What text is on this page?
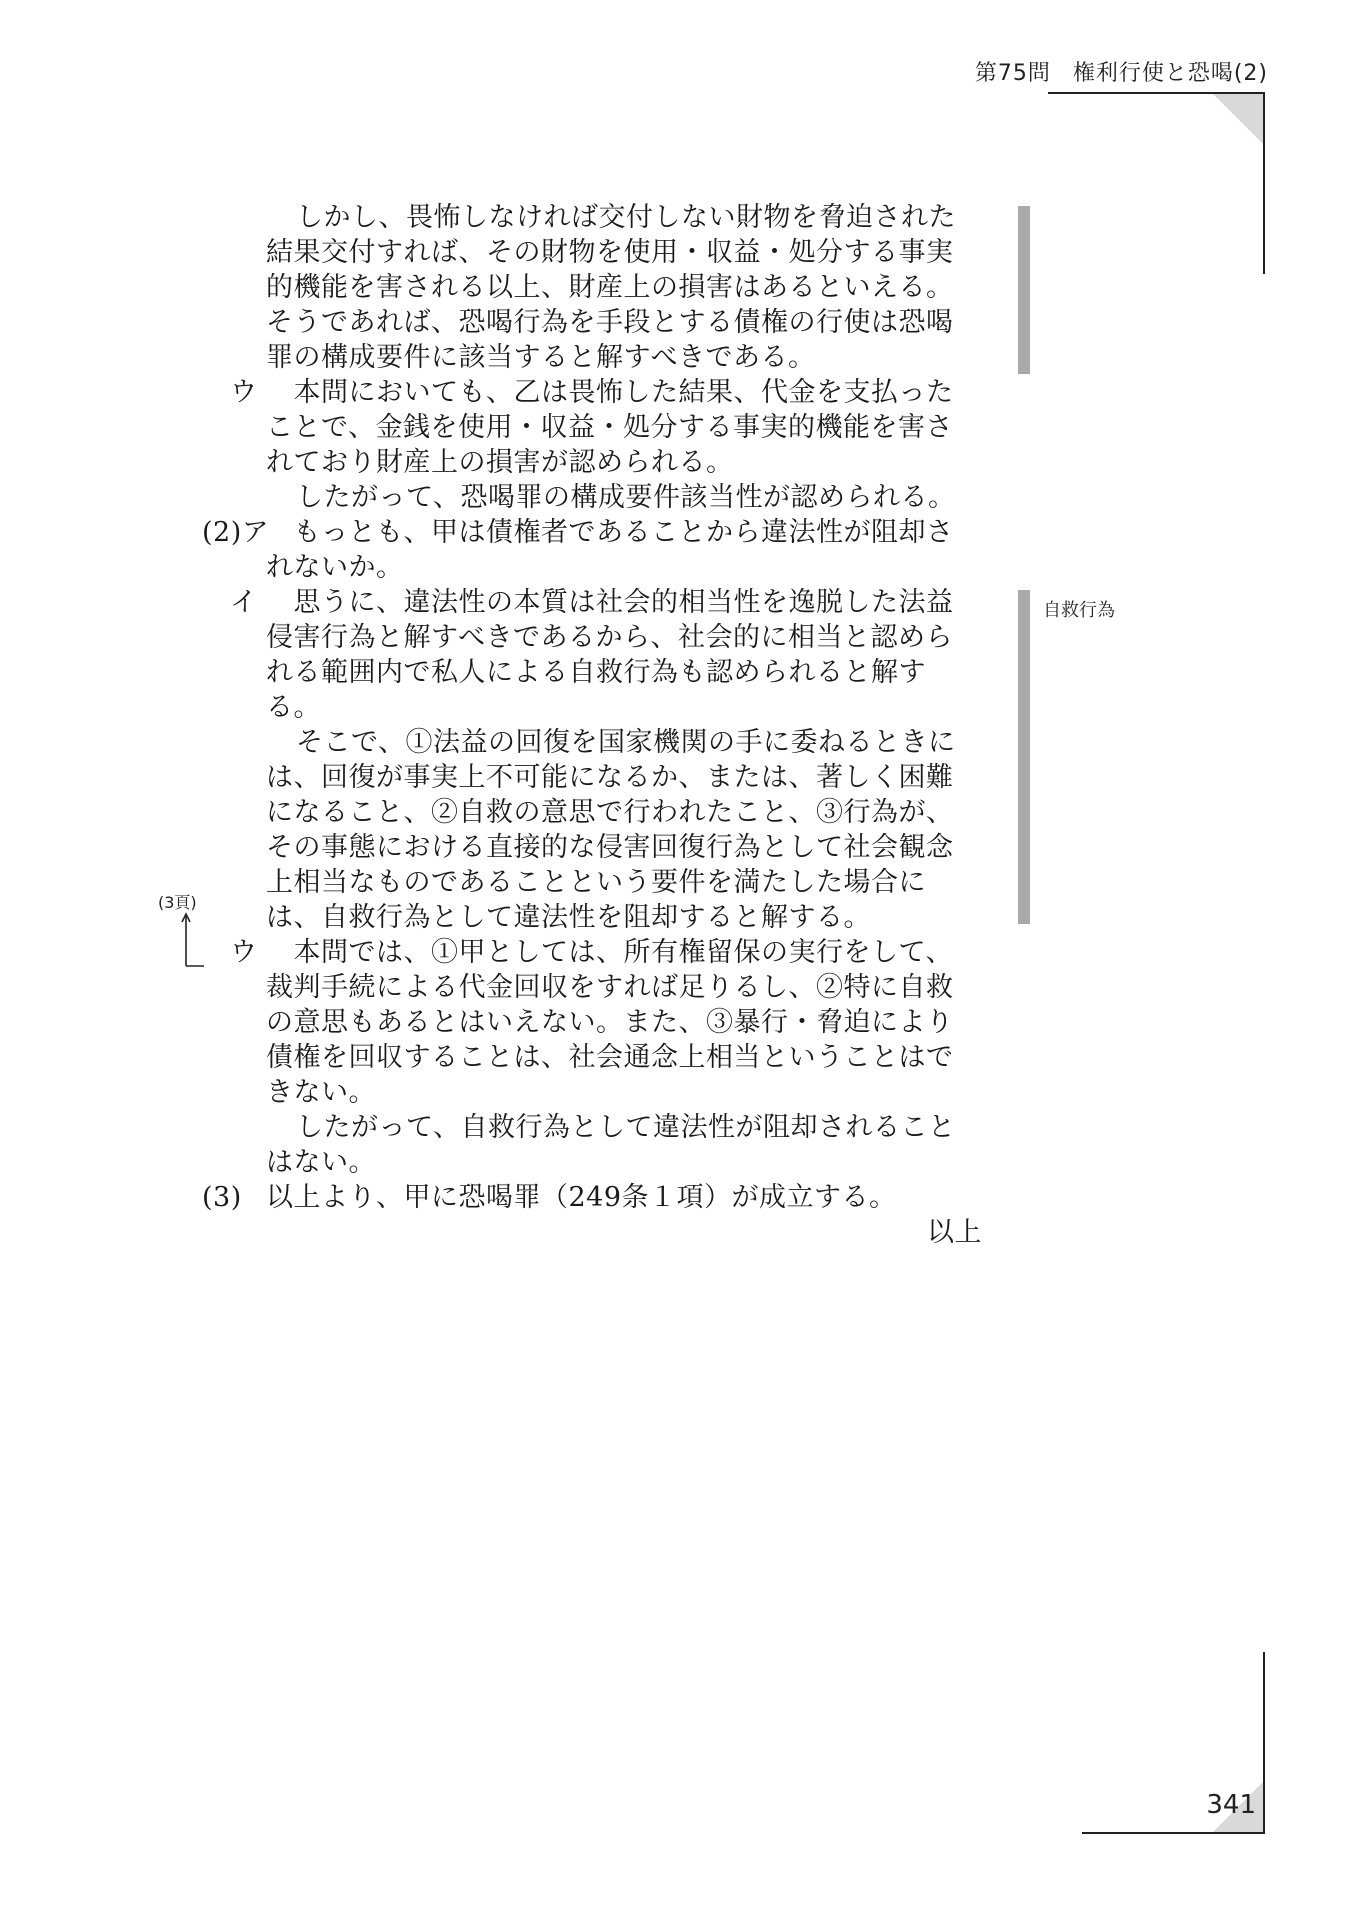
第75問 権利行使と恐喝(2)
自救行為
(3頁)
しかし、畏怖しなければ交付しない財物を脅迫された
結果交付すれば、その財物を使用・収益・処分する事実
的機能を害される以上、財産上の損害はあるといえる。
そうであれば、恐喝行為を手段とする債権の行使は恐喝
罪の構成要件に該当すると解すべきである。
ウ 　本問においても、乙は畏怖した結果、代金を支払った
ことで、金銭を使用・収益・処分する事実的機能を害さ
れており財産上の損害が認められる。
したがって、恐喝罪の構成要件該当性が認められる。
(2)ア
　もっとも、甲は債権者であることから違法性が阻却さ
れないか。
イ 　思うに、違法性の本質は社会的相当性を逸脱した法益
侵害行為と解すべきであるから、社会的に相当と認めら
れる範囲内で私人による自救行為も認められると解す
る。
そこで、①法益の回復を国家機関の手に委ねるときに
は、回復が事実上不可能になるか、または、著しく困難
になること、②自救の意思で行われたこと、③行為が、
その事態における直接的な侵害回復行為として社会観念
上相当なものであることという要件を満たした場合に
は、自救行為として違法性を阻却すると解する。
ウ 　本問では、①甲としては、所有権留保の実行をして、
裁判手続による代金回収をすれば足りるし、②特に自救
の意思もあるとはいえない。また、③暴行・脅迫により
債権を回収することは、社会通念上相当ということはで
きない。
したがって、自救行為として違法性が阻却されること
はない。
(3) 以上より、甲に恐喝罪（249条１項）が成立する。
以上
341
